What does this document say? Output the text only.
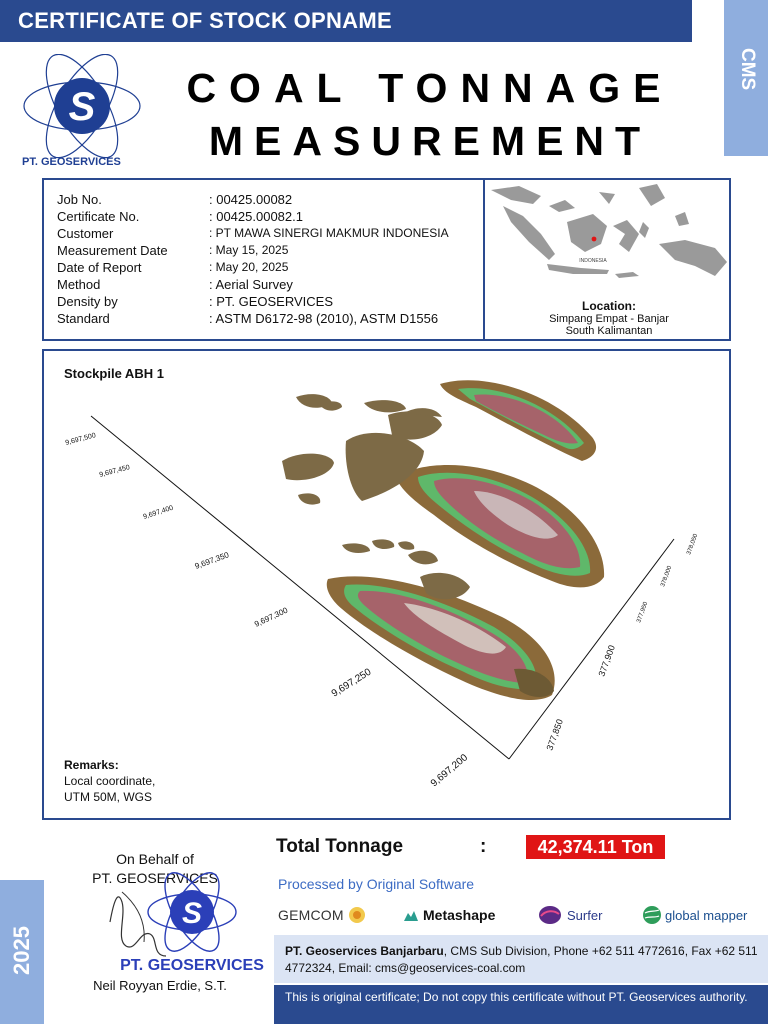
CERTIFICATE OF STOCK OPNAME
CMS
S
PT. GEOSERVICES
COAL TONNAGE
MEASUREMENT
Job No.	: 00425.00082
Certificate No.	: 00425.00082.1
Customer	: PT MAWA SINERGI MAKMUR INDONESIA
Measurement Date	: May 15, 2025
Date of Report	: May 20, 2025
Method	: Aerial Survey
Density by	: PT. GEOSERVICES
Standard	: ASTM D6172-98 (2010), ASTM D1556
INDONESIA
Location:
Simpang Empat - Banjar
South Kalimantan
Stockpile ABH 1
9,697,500
9,697,450
9,697,400
9,697,350
9,697,300
9,697,250
9,697,200
377,850
377,900
377,950
378,000
378,050
Remarks:
Local coordinate,
UTM 50M, WGS
On Behalf of
PT. GEOSERVICES
S
PT. GEOSERVICES
Neil Royyan Erdie, S.T.
2025
Total Tonnage	:	42,374.11 Ton
Processed by Original Software
GEMCOM	Metashape	Surfer	global mapper
PT. Geoservices Banjarbaru, CMS Sub Division, Phone +62 511 4772616, Fax +62 511 4772324, Email: cms@geoservices-coal.com
This is original certificate; Do not copy this certificate without PT. Geoservices authority.
